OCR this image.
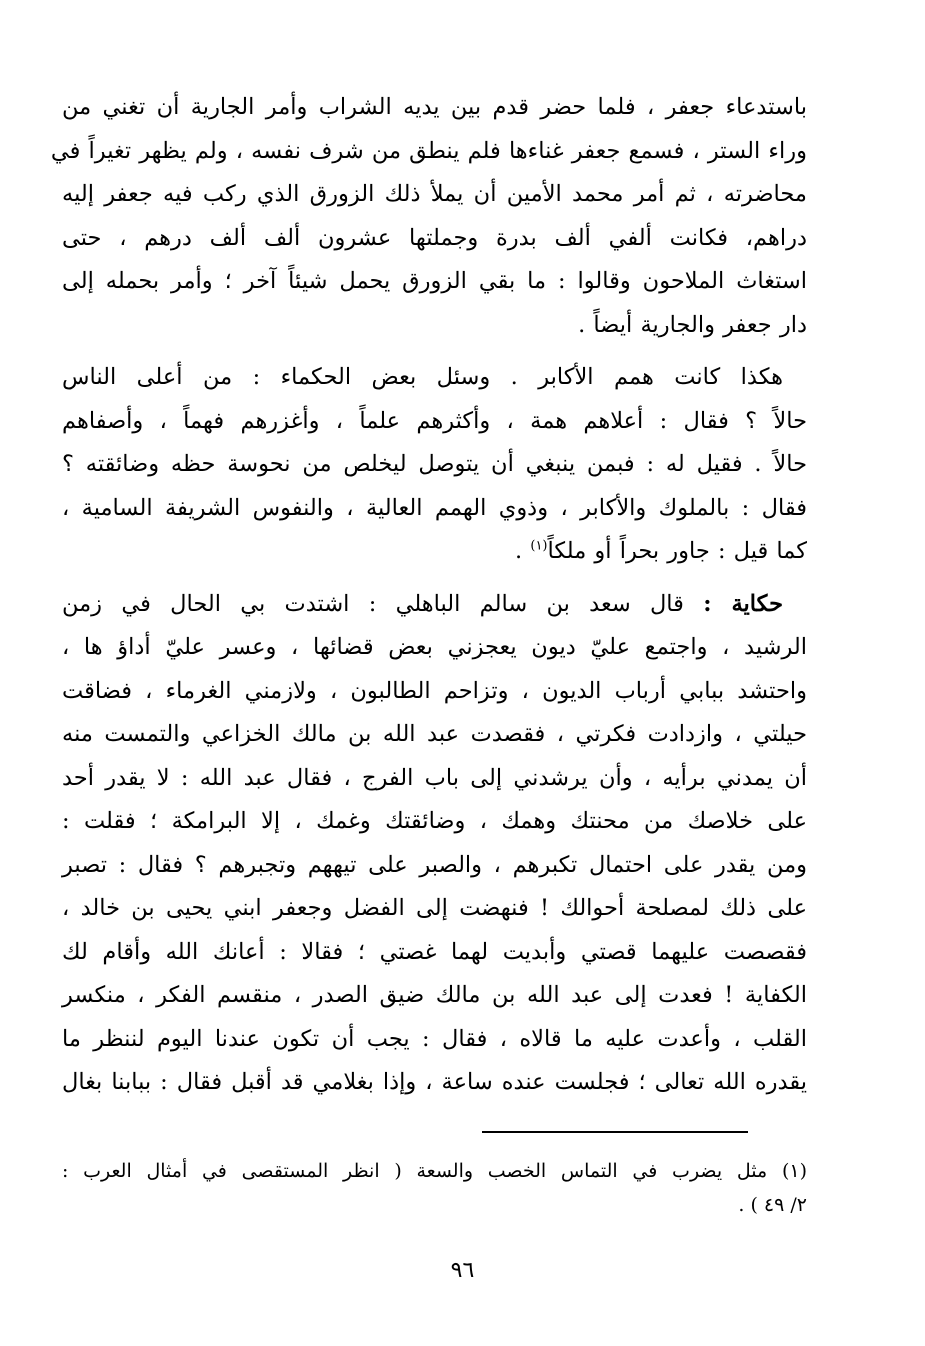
باستدعاء جعفر ، فلما حضر قدم بين يديه الشراب وأمر الجارية أن تغني من

وراء الستر ، فسمع جعفر غناءها فلم ينطق من شرف نفسه ، ولم يظهر تغيراً في

محاضرته ، ثم أمر محمد الأمين أن يملأ ذلك الزورق الذي ركب فيه جعفر إليه

دراهم، فكانت ألفي ألف بدرة وجملتها عشرون ألف ألف درهم ، حتى

استغاث الملاحون وقالوا : ما بقي الزورق يحمل شيئاً آخر ؛ وأمر بحمله إلى

دار جعفر والجارية أيضاً .

هكذا كانت همم الأكابر . وسئل بعض الحكماء : من أعلى الناس

حالاً ؟ فقال : أعلاهم همة ، وأكثرهم علماً ، وأغزرهم فهماً ، وأصفاهم

حالاً . فقيل له : فبمن ينبغي أن يتوصل ليخلص من نحوسة حظه وضائقته ؟

فقال : بالملوك والأكابر ، وذوي الهمم العالية ، والنفوس الشريفة السامية ،

كما قيل : جاور بحراً أو ملكاً$^{(١)}$ .

حكاية : قال سعد بن سالم الباهلي : اشتدت بي الحال في زمن

الرشيد ، واجتمع عليّ ديون يعجزني بعض قضائها ، وعسر عليّ أداؤ ها ،

واحتشد ببابي أرباب الديون ، وتزاحم الطالبون ، ولازمني الغرماء ، فضاقت

حيلتي ، وازدادت فكرتي ، فقصدت عبد الله بن مالك الخزاعي والتمست منه

أن يمدني برأيه ، وأن يرشدني إلى باب الفرج ، فقال عبد الله : لا يقدر أحد

على خلاصك من محنتك وهمك ، وضائقتك وغمك ، إلا البرامكة ؛ فقلت :

ومن يقدر على احتمال تكبرهم ، والصبر على تيههم وتجبرهم ؟ فقال : تصبر

على ذلك لمصلحة أحوالك ! فنهضت إلى الفضل وجعفر ابني يحيى بن خالد ،

فقصصت عليهما قصتي وأبديت لهما غصتي ؛ فقالا : أعانك الله وأقام لك

الكفاية ! فعدت إلى عبد الله بن مالك ضيق الصدر ، منقسم الفكر ، منكسر

القلب ، وأعدت عليه ما قالاه ، فقال : يجب أن تكون عندنا اليوم لننظر ما

يقدره الله تعالى ؛ فجلست عنده ساعة ، وإذا بغلامي قد أقبل فقال : ببابنا بغال

(١) مثل يضرب في التماس الخصب والسعة ( انظر المستقصى في أمثال العرب :

٢/ ٤٩ ) .

٩٦
